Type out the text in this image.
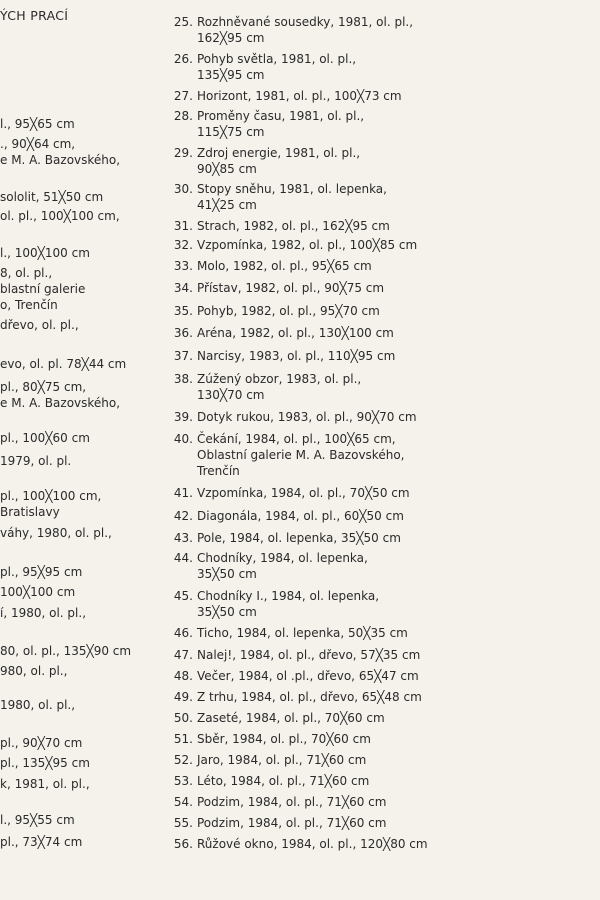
ÝCH PRACÍ
l., 95╳65 cm
., 90╳64 cm,
e M. A. Bazovského,
sololit, 51╳50 cm
ol. pl., 100╳100 cm,
l., 100╳100 cm
8, ol. pl.,
blastní galerie
o, Trenčín
dřevo, ol. pl.,
evo, ol. pl. 78╳44 cm
pl., 80╳75 cm,
e M. A. Bazovského,
pl., 100╳60 cm
1979, ol. pl.
pl., 100╳100 cm,
Bratislavy
váhy, 1980, ol. pl.,
pl., 95╳95 cm
100╳100 cm
í, 1980, ol. pl.,
80, ol. pl., 135╳90 cm
980, ol. pl.,
1980, ol. pl.,
pl., 90╳70 cm
pl., 135╳95 cm
k, 1981, ol. pl.,
l., 95╳55 cm
pl., 73╳74 cm
25. Rozhněvané sousedky, 1981, ol. pl.,
162╳95 cm
26. Pohyb světla, 1981, ol. pl.,
135╳95 cm
27. Horizont, 1981, ol. pl., 100╳73 cm
28. Proměny času, 1981, ol. pl.,
115╳75 cm
29. Zdroj energie, 1981, ol. pl.,
90╳85 cm
30. Stopy sněhu, 1981, ol. lepenka,
41╳25 cm
31. Strach, 1982, ol. pl., 162╳95 cm
32. Vzpomínka, 1982, ol. pl., 100╳85 cm
33. Molo, 1982, ol. pl., 95╳65 cm
34. Přístav, 1982, ol. pl., 90╳75 cm
35. Pohyb, 1982, ol. pl., 95╳70 cm
36. Aréna, 1982, ol. pl., 130╳100 cm
37. Narcisy, 1983, ol. pl., 110╳95 cm
38. Zúžený obzor, 1983, ol. pl.,
130╳70 cm
39. Dotyk rukou, 1983, ol. pl., 90╳70 cm
40. Čekání, 1984, ol. pl., 100╳65 cm,
Oblastní galerie M. A. Bazovského,
Trenčín
41. Vzpomínka, 1984, ol. pl., 70╳50 cm
42. Diagonála, 1984, ol. pl., 60╳50 cm
43. Pole, 1984, ol. lepenka, 35╳50 cm
44. Chodníky, 1984, ol. lepenka,
35╳50 cm
45. Chodníky I., 1984, ol. lepenka,
35╳50 cm
46. Ticho, 1984, ol. lepenka, 50╳35 cm
47. Nalej!, 1984, ol. pl., dřevo, 57╳35 cm
48. Večer, 1984, ol .pl., dřevo, 65╳47 cm
49. Z trhu, 1984, ol. pl., dřevo, 65╳48 cm
50. Zaseté, 1984, ol. pl., 70╳60 cm
51. Sběr, 1984, ol. pl., 70╳60 cm
52. Jaro, 1984, ol. pl., 71╳60 cm
53. Léto, 1984, ol. pl., 71╳60 cm
54. Podzim, 1984, ol. pl., 71╳60 cm
55. Podzim, 1984, ol. pl., 71╳60 cm
56. Růžové okno, 1984, ol. pl., 120╳80 cm
